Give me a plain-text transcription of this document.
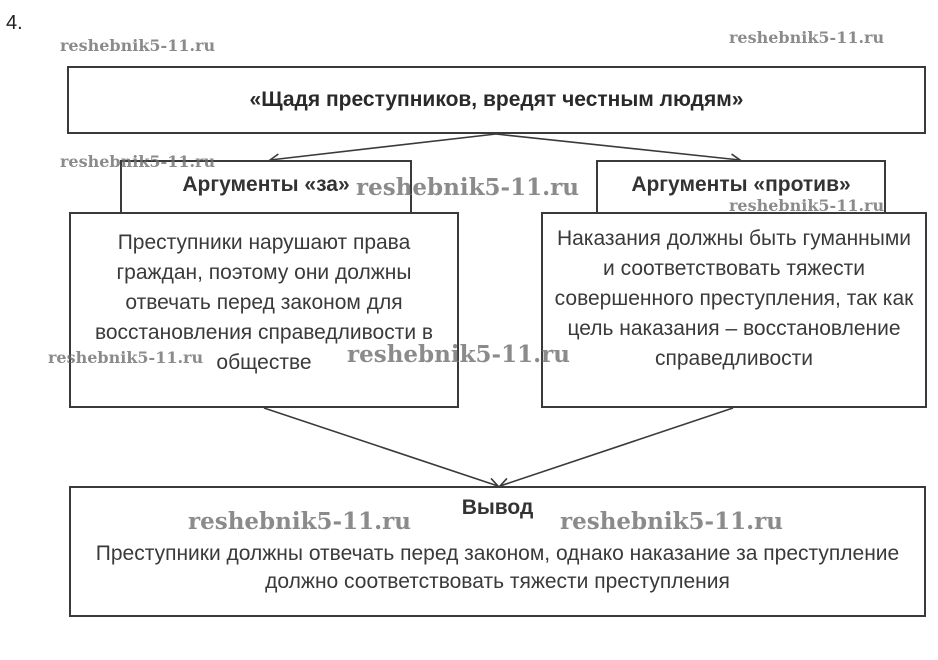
4.
«Щадя преступников, вредят честным людям»
Аргументы «за»	Аргументы «против»
Преступники нарушают права граждан, поэтому они должны отвечать перед законом для восстановления справедливости в обществе
Наказания должны быть гуманными и соответствовать тяжести совершенного преступления, так как цель наказания – восстановление справедливости
Вывод
Преступники должны отвечать перед законом, однако наказание за преступление должно соответствовать тяжести преступления
reshebnik5-11.ru	reshebnik5-11.ru
reshebnik5-11.ru
reshebnik5-11.ru
reshebnik5-11.ru
reshebnik5-11.ru	reshebnik5-11.ru
reshebnik5-11.ru	reshebnik5-11.ru
